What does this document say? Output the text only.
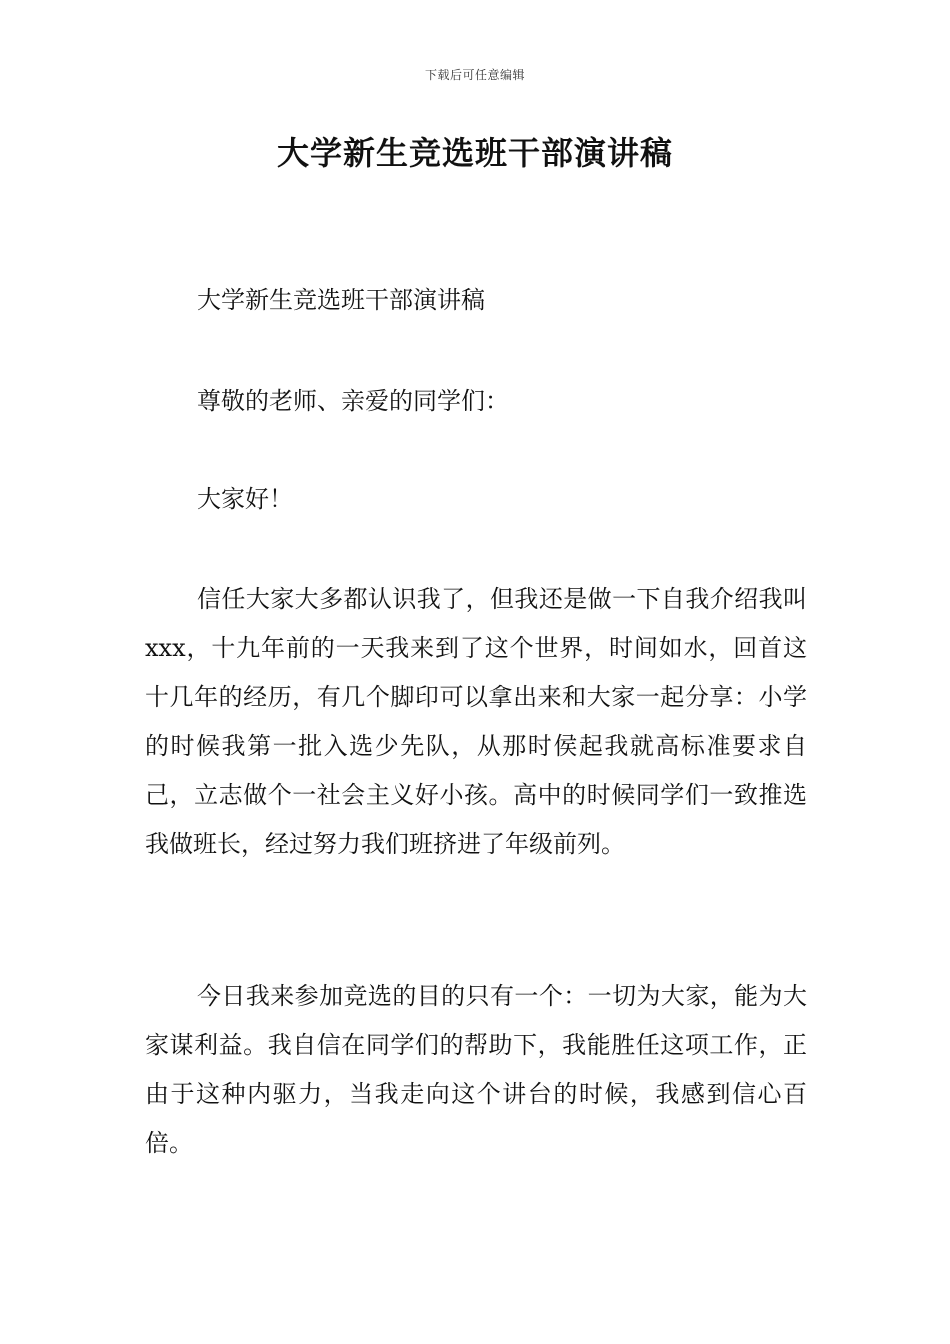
下载后可任意编辑
大学新生竞选班干部演讲稿

大学新生竞选班干部演讲稿

尊敬的老师、亲爱的同学们：

大家好！

信任大家大多都认识我了，但我还是做一下自我介绍我叫xxx，十九年前的一天我来到了这个世界，时间如水，回首这十几年的经历，有几个脚印可以拿出来和大家一起分享：小学的时候我第一批入选少先队，从那时侯起我就高标准要求自己，立志做个一社会主义好小孩。高中的时候同学们一致推选我做班长，经过努力我们班挤进了年级前列。

今日我来参加竞选的目的只有一个：一切为大家，能为大家谋利益。我自信在同学们的帮助下，我能胜任这项工作，正由于这种内驱力，当我走向这个讲台的时候，我感到信心百倍。
